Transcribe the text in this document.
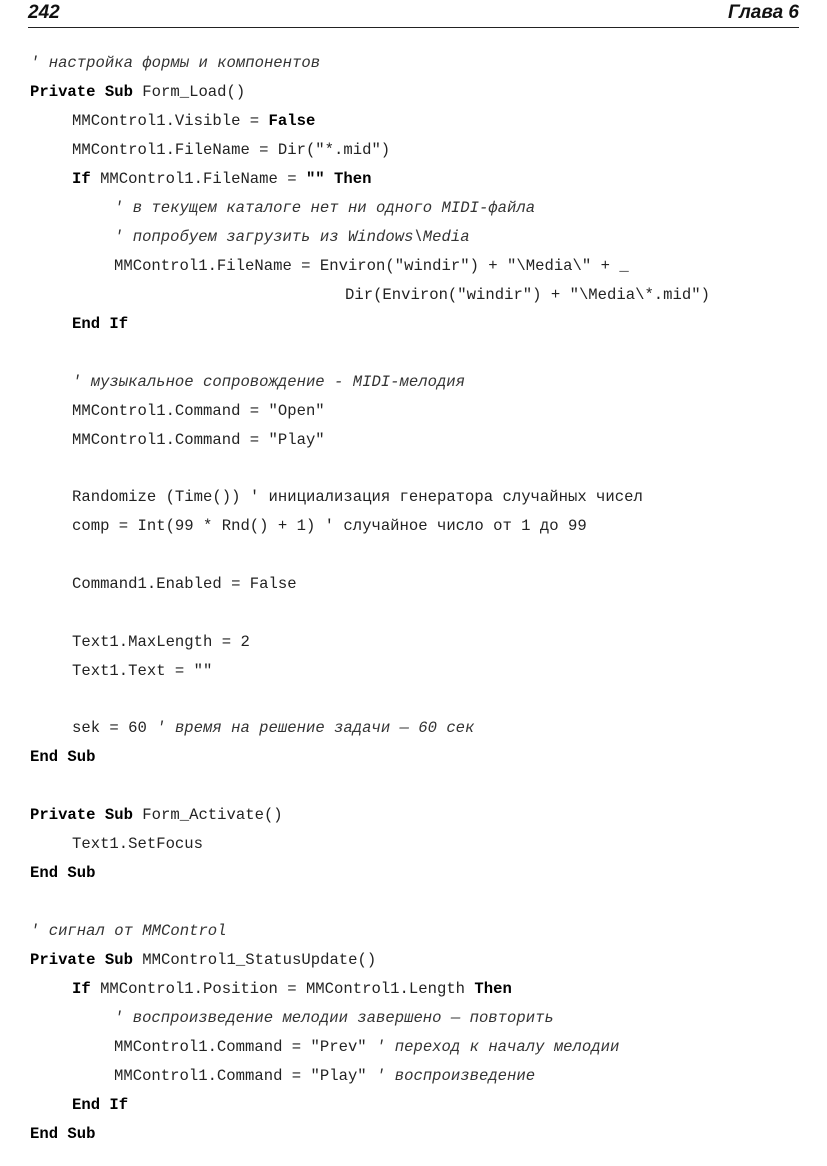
242	Глава 6
' настройка формы и компонентов
Private Sub Form_Load()
MMControl1.Visible = False
MMControl1.FileName = Dir("*.mid")
If MMControl1.FileName = "" Then
' в текущем каталоге нет ни одного MIDI-файла
' попробуем загрузить из Windows\Media
MMControl1.FileName = Environ("windir") + "\Media\" + _
Dir(Environ("windir") + "\Media\*.mid")
End If
' музыкальное сопровождение - MIDI-мелодия
MMControl1.Command = "Open"
MMControl1.Command = "Play"
Randomize (Time()) ' инициализация генератора случайных чисел
comp = Int(99 * Rnd() + 1) ' случайное число от 1 до 99
Command1.Enabled = False
Text1.MaxLength = 2
Text1.Text = ""
sek = 60 ' время на решение задачи — 60 сек
End Sub
Private Sub Form_Activate()
Text1.SetFocus
End Sub
' сигнал от MMControl
Private Sub MMControl1_StatusUpdate()
If MMControl1.Position = MMControl1.Length Then
' воспроизведение мелодии завершено — повторить
MMControl1.Command = "Prev" ' переход к началу мелодии
MMControl1.Command = "Play" ' воспроизведение
End If
End Sub
